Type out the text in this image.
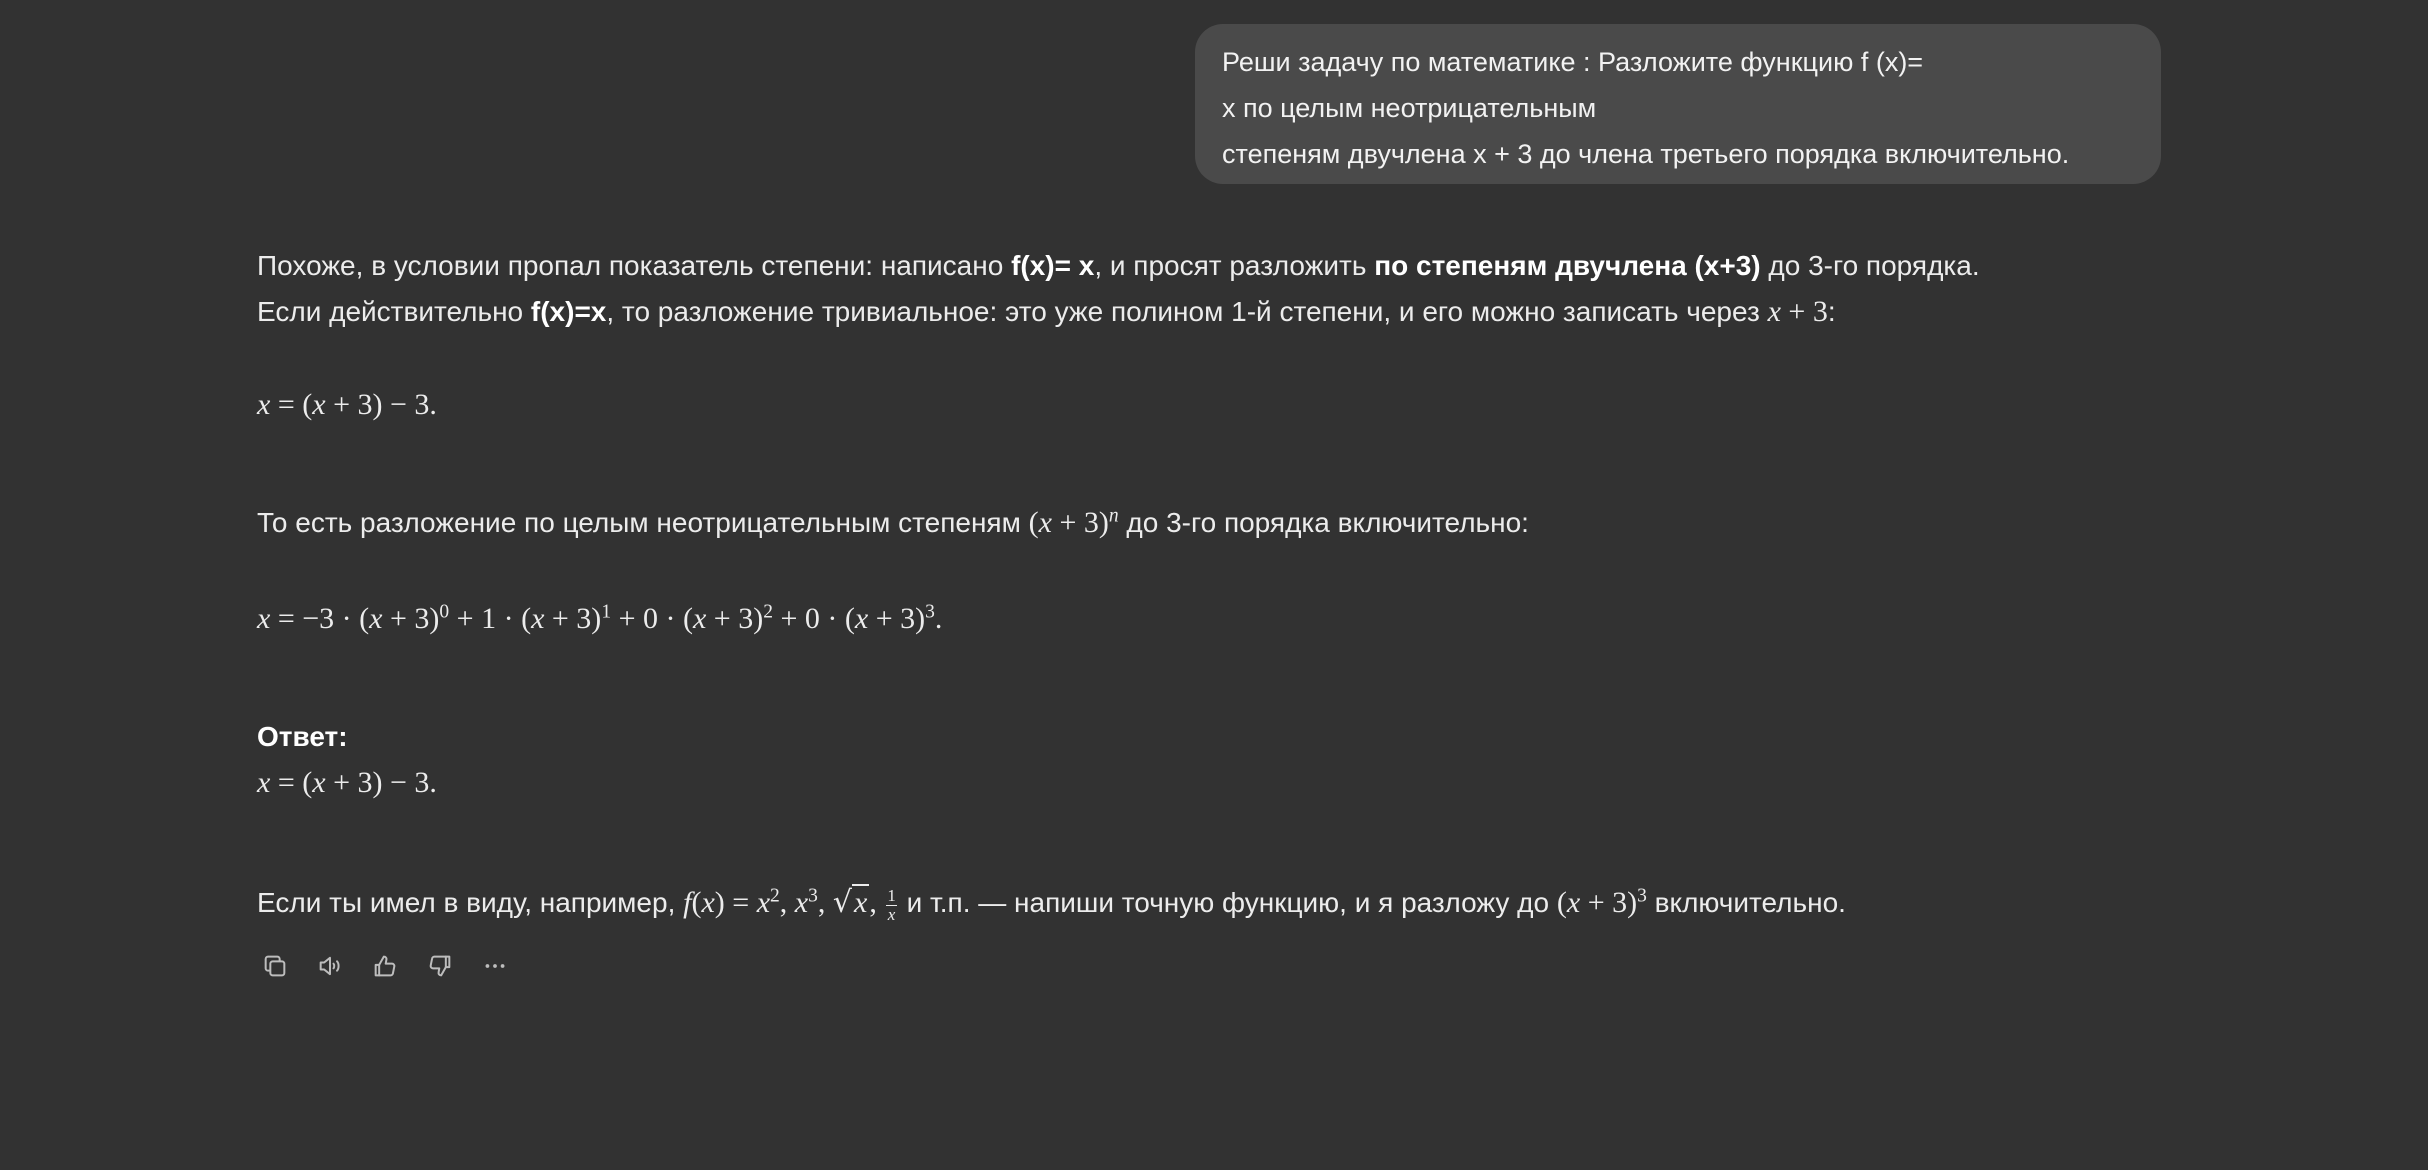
Реши задачу по математике : Разложите функцию f (x)=
x по целым неотрицательным
степеням двучлена x + 3 до члена третьего порядка включительно.
Похоже, в условии пропал показатель степени: написано f(x)= x, и просят разложить по степеням двучлена (x+3) до 3-го порядка.
Если действительно f(x)=x, то разложение тривиальное: это уже полином 1-й степени, и его можно записать через x + 3:
x = (x + 3) − 3.
То есть разложение по целым неотрицательным степеням $(x + 3)^n$ до 3-го порядка включительно:
$x = -3 \cdot (x + 3)^0 + 1 \cdot (x + 3)^1 + 0 \cdot (x + 3)^2 + 0 \cdot (x + 3)^3$.
Ответ:
x = (x + 3) − 3.
Если ты имел в виду, например, $f(x) = x^2$, $x^3$, √x, $\frac{1}{x}$ и т.п. — напиши точную функцию, и я разложу до $(x + 3)^3$ включительно.
